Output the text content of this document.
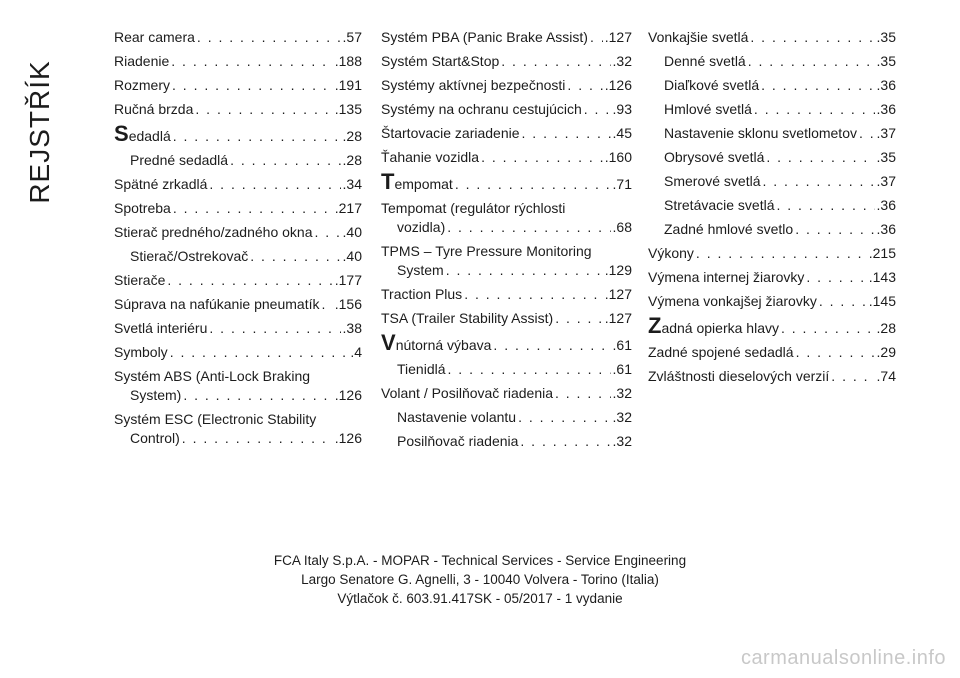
REJSTŘÍK
Rear camera . . .	. 57
Riadenie . . .	. 188
Rozmery . . .	. 191
Ručná brzda . . .	. 135
Sedadlá . . .	. 28
Predné sedadlá . . .	. 28
Spätné zrkadlá . . .	. 34
Spotreba . . .	. 217
Stierač predného/zadného okna . . . . 40
Stierač/Ostrekovač . . .	. 40
Stierače . . .	. 177
Súprava na nafúkanie pneumatík . . . . 156
Svetlá interiéru . . .	. 38
Symboly . . .	. 4
Systém ABS (Anti-Lock Braking
System) . . .	. 126
Systém ESC (Electronic Stability
Control) . . .	. 126
Systém PBA (Panic Brake Assist) . . . . 127
Systém Start&Stop . . .	. 32
Systémy aktívnej bezpečnosti . . .	. 126
Systémy na ochranu cestujúcich . . . . 93
Štartovacie zariadenie . . .	. 45
Ťahanie vozidla . . .	. 160
Tempomat . . .	. 71
Tempomat (regulátor rýchlosti
vozidla) . . .	. 68
TPMS – Tyre Pressure Monitoring
System . . .	. 129
Traction Plus . . .	. 127
TSA (Trailer Stability Assist) . . .	. 127
Vnútorná výbava . . .	. 61
Tienidlá . . .	. 61
Volant / Posilňovač riadenia . . .	. 32
Nastavenie volantu . . .	. 32
Posilňovač riadenia . . .	. 32
Vonkajšie svetlá . . .	. 35
Denné svetlá . . .	. 35
Diaľkové svetlá . . .	. 36
Hmlové svetlá . . .	. 36
Nastavenie sklonu svetlometov . . . . 37
Obrysové svetlá . . .	. 35
Smerové svetlá . . .	. 37
Stretávacie svetlá . . .	. 36
Zadné hmlové svetlo . . .	. 36
Výkony . . .	. 215
Výmena internej žiarovky . . .	. 143
Výmena vonkajšej žiarovky . . .	. 145
Zadná opierka hlavy . . .	. 28
Zadné spojené sedadlá . . .	. 29
Zvláštnosti dieselových verzií . . .	. 74
FCA Italy S.p.A. - MOPAR - Technical Services - Service Engineering
Largo Senatore G. Agnelli, 3 - 10040 Volvera - Torino (Italia)
Výtlačok č. 603.91.417SK - 05/2017 - 1 vydanie
carmanualsonline.info
